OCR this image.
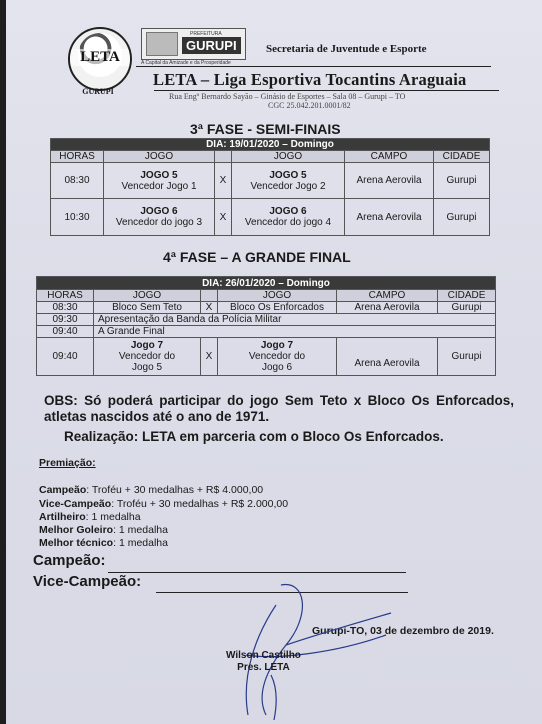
LETA
GURUPI
PREFEITURA
GURUPI
A Capital da Amizade e da Prosperidade
Secretaria de Juventude e Esporte
LETA – Liga Esportiva Tocantins Araguaia
Rua Engº Bernardo Sayão – Ginásio de Esportes – Sala 08 – Gurupi – TO
CGC 25.042.201.0001/82
3ª FASE - SEMI-FINAIS
DIA: 19/01/2020 – Domingo					
HORAS	JOGO		JOGO	CAMPO	CIDADE
08:30	JOGO 5
Vencedor Jogo 1	X	JOGO 5
Vencedor Jogo 2	Arena Aerovila	Gurupi
10:30	JOGO 6
Vencedor do jogo 3	X	JOGO 6
Vencedor do jogo 4	Arena Aerovila	Gurupi
4ª FASE – A GRANDE FINAL
DIA: 26/01/2020 – Domingo					
HORAS	JOGO		JOGO	CAMPO	CIDADE
08:30	Bloco Sem Teto	X	Bloco Os Enforcados	Arena Aerovila	Gurupi
09:30	Apresentação da Banda da Polícia Militar				
09:40	A Grande Final				
09:40	Jogo 7
Vencedor do
Jogo 5	X	Jogo 7
Vencedor do
Jogo 6	Arena Aerovila	Gurupi
OBS: Só poderá participar do jogo Sem Teto x Bloco Os Enforcados, atletas nascidos até o ano de 1971.
Realização: LETA em parceria com o Bloco Os Enforcados.
Premiação:
Campeão: Troféu + 30 medalhas + R$ 4.000,00
Vice-Campeão: Troféu + 30 medalhas + R$ 2.000,00
Artilheiro: 1 medalha
Melhor Goleiro: 1 medalha
Melhor técnico: 1 medalha
Campeão:
Vice-Campeão:
Gurupi-TO, 03 de dezembro de 2019.
Wilson Castilho
Pres. LETA
